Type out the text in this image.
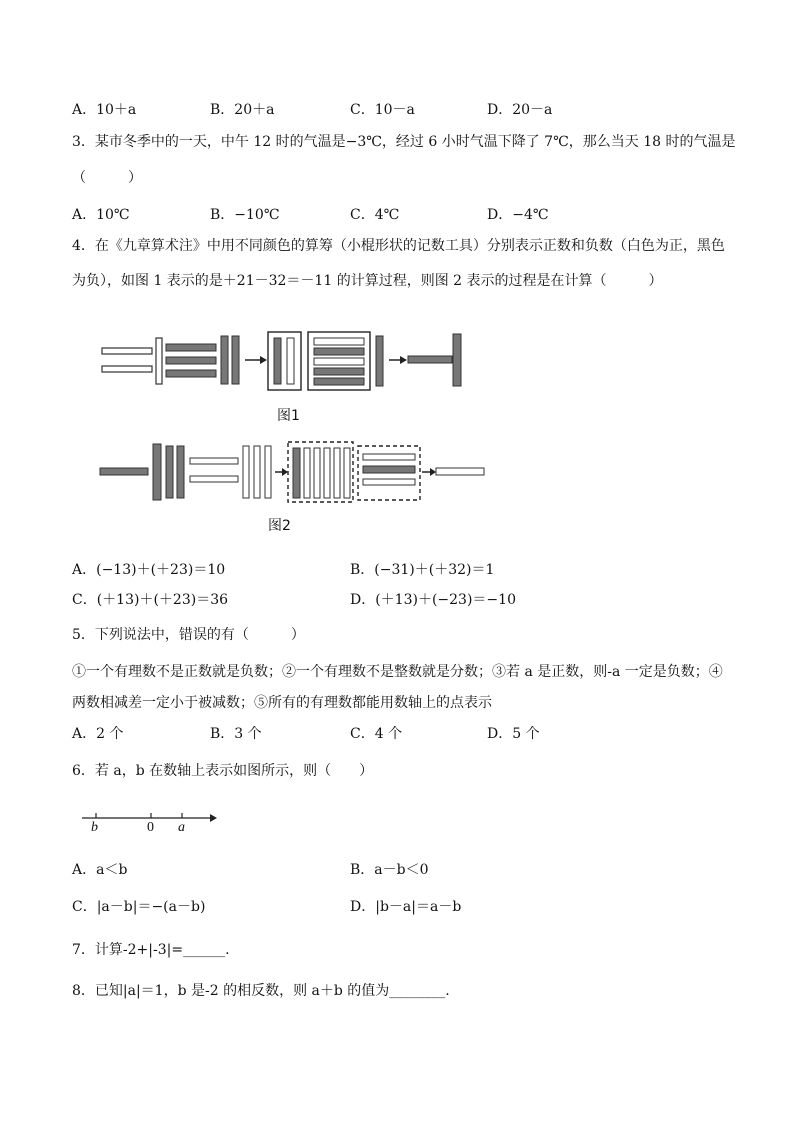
A．10＋a	B．20＋a	C．10－a	D．20－a
3．某市冬季中的一天，中午 12 时的气温是−3℃，经过 6 小时气温下降了 7℃，那么当天 18 时的气温是
（　　　）
A．10℃	B．−10℃	C．4℃	D．−4℃
4．在《九章算术注》中用不同颜色的算筹（小棍形状的记数工具）分别表示正数和负数（白色为正，黑色
为负），如图 1 表示的是＋21－32＝－11 的计算过程，则图 2 表示的过程是在计算（　　　）
图1
图2
A．(−13)＋(＋23)＝10	B．(−31)＋(＋32)＝1
C．(＋13)＋(＋23)＝36	D．(＋13)＋(−23)＝−10
5．下列说法中，错误的有（　　　）
①一个有理数不是正数就是负数；②一个有理数不是整数就是分数；③若 a 是正数，则-a 一定是负数；④
两数相减差一定小于被减数；⑤所有的有理数都能用数轴上的点表示
A．2 个	B．3 个	C．4 个	D．5 个
6．若 a，b 在数轴上表示如图所示，则（　　）
b	0 a
A．a＜b	B．a－b＜0
C．|a－b|＝−(a－b)	D．|b－a|＝a－b
7．计算-2+|-3|=______.
8．已知|a|＝1，b 是-2 的相反数，则 a＋b 的值为________.
